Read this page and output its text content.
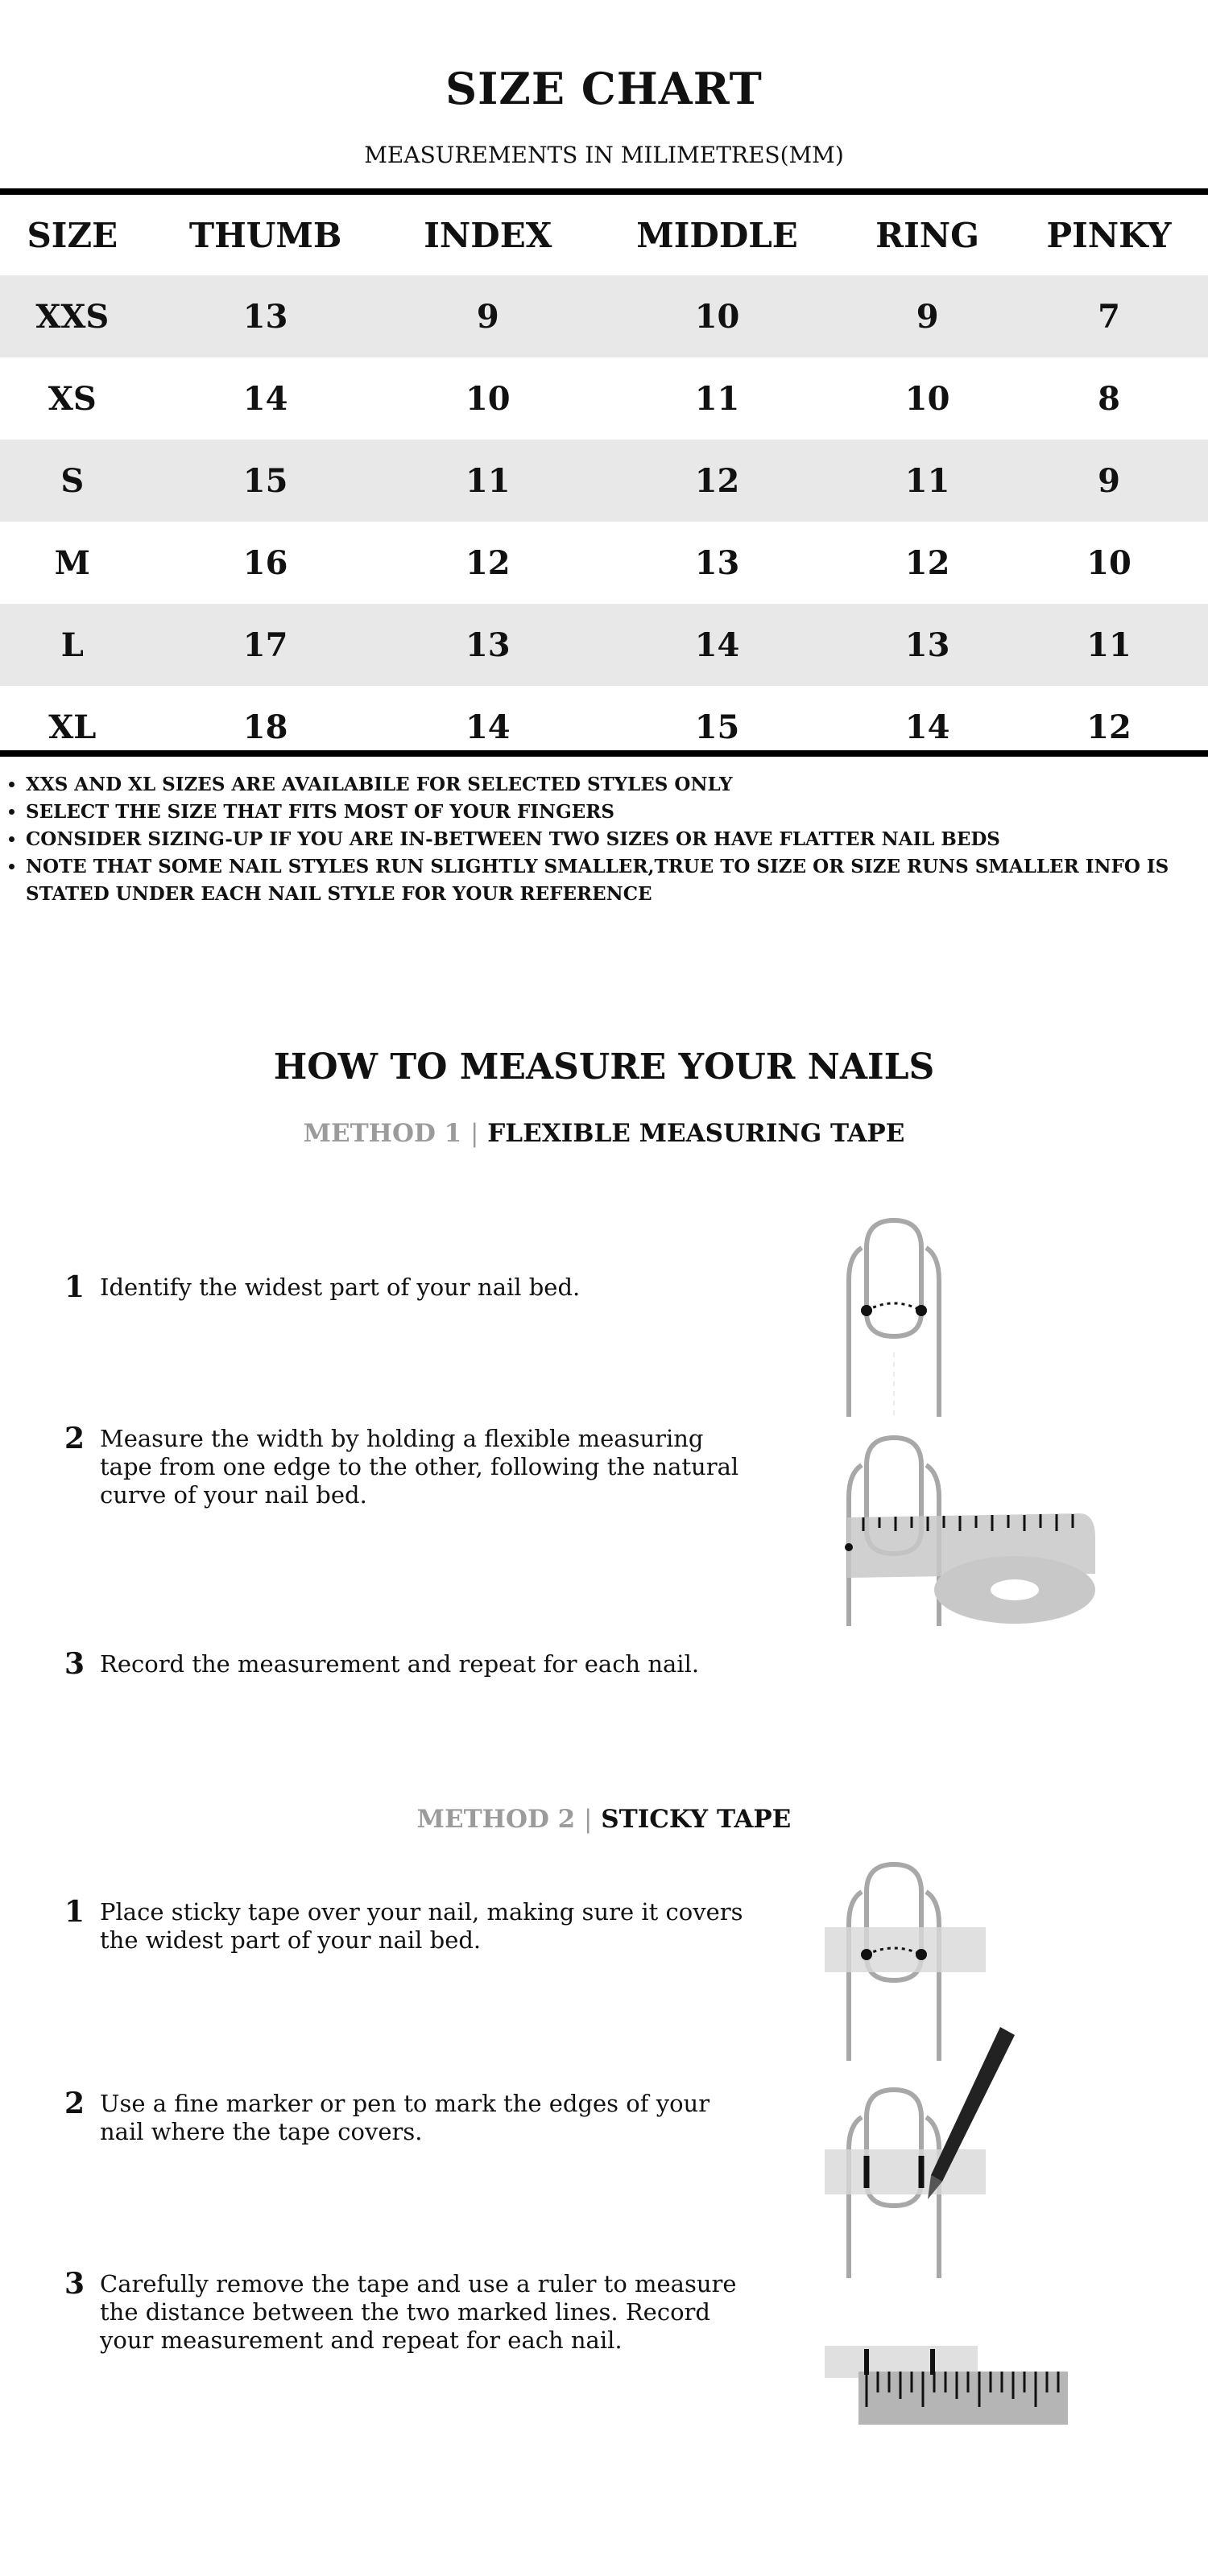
SIZE CHART
MEASUREMENTS IN MILIMETRES(MM)
SIZE	THUMB	INDEX	MIDDLE	RING	PINKY
XXS	13	9	10	9	7
XS	14	10	11	10	8
S	15	11	12	11	9
M	16	12	13	12	10
L	17	13	14	13	11
XL	18	14	15	14	12
• XXS AND XL SIZES ARE AVAILABILE FOR SELECTED STYLES ONLY
• SELECT THE SIZE THAT FITS MOST OF YOUR FINGERS
• CONSIDER SIZING-UP IF YOU ARE IN-BETWEEN TWO SIZES OR HAVE FLATTER NAIL BEDS
• NOTE THAT SOME NAIL STYLES RUN SLIGHTLY SMALLER,TRUE TO SIZE OR SIZE RUNS SMALLER INFO IS STATED UNDER EACH NAIL STYLE FOR YOUR REFERENCE
HOW TO MEASURE YOUR NAILS
METHOD 1 | FLEXIBLE MEASURING TAPE
1 Identify the widest part of your nail bed.
2 Measure the width by holding a flexible measuring tape from one edge to the other, following the natural curve of your nail bed.
3 Record the measurement and repeat for each nail.
METHOD 2 | STICKY TAPE
1 Place sticky tape over your nail, making sure it covers the widest part of your nail bed.
2 Use a fine marker or pen to mark the edges of your nail where the tape covers.
3 Carefully remove the tape and use a ruler to measure the distance between the two marked lines. Record your measurement and repeat for each nail.
